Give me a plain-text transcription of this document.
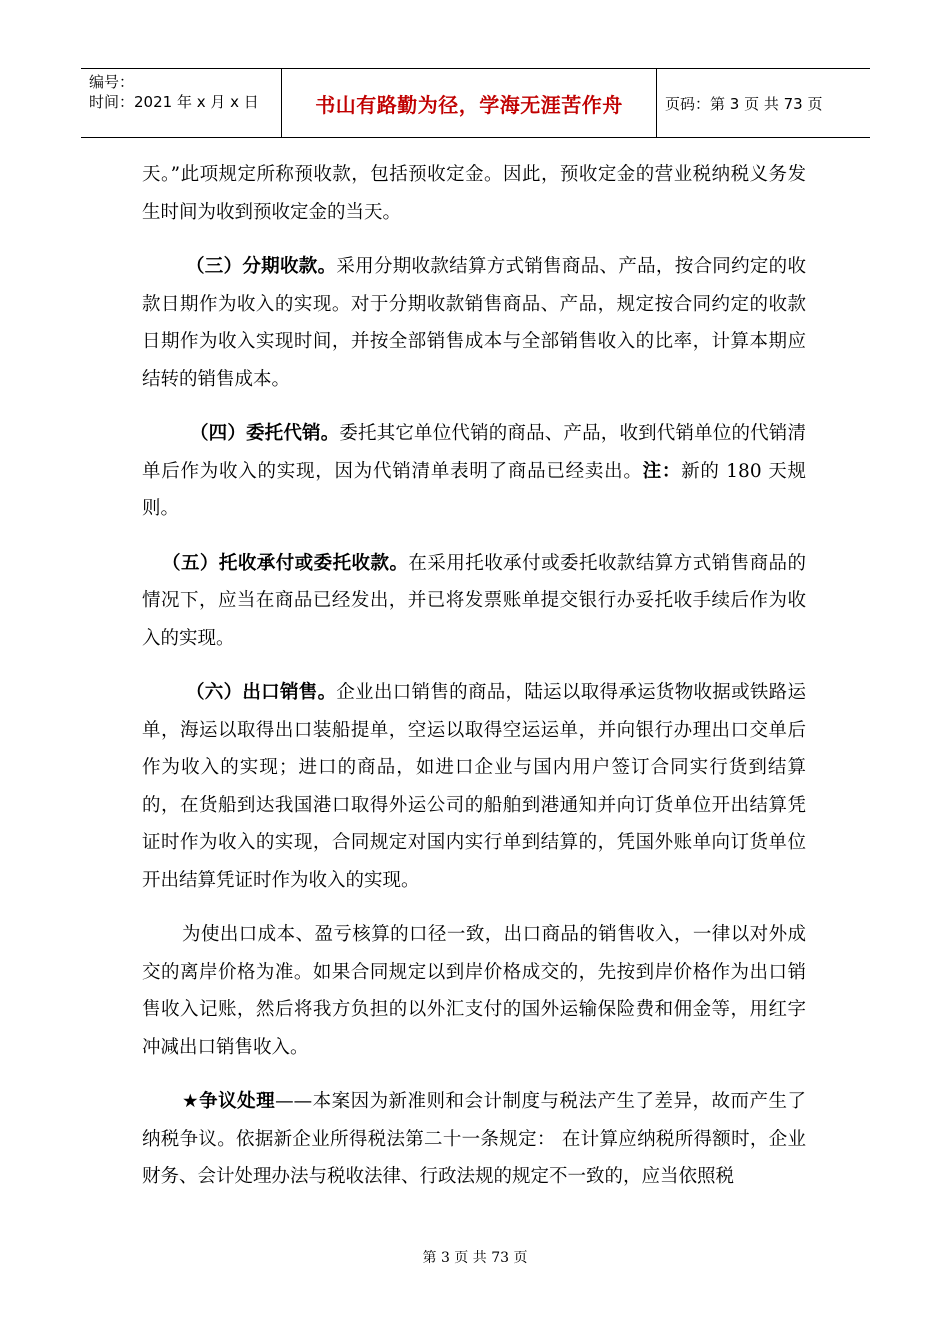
编号：
时间：2021 年 x 月 x 日	书山有路勤为径，学海无涯苦作舟	页码：第 3 页 共 73 页

天。”此项规定所称预收款，包括预收定金。因此，预收定金的营业税纳税义务发生时间为收到预收定金的当天。

（三）分期收款。采用分期收款结算方式销售商品、产品，按合同约定的收款日期作为收入的实现。对于分期收款销售商品、产品，规定按合同约定的收款日期作为收入实现时间，并按全部销售成本与全部销售收入的比率，计算本期应结转的销售成本。

（四）委托代销。委托其它单位代销的商品、产品，收到代销单位的代销清单后作为收入的实现，因为代销清单表明了商品已经卖出。注：新的 180 天规则。

（五）托收承付或委托收款。在采用托收承付或委托收款结算方式销售商品的情况下，应当在商品已经发出，并已将发票账单提交银行办妥托收手续后作为收入的实现。

（六）出口销售。企业出口销售的商品，陆运以取得承运货物收据或铁路运单，海运以取得出口装船提单，空运以取得空运运单，并向银行办理出口交单后作为收入的实现；进口的商品，如进口企业与国内用户签订合同实行货到结算的，在货船到达我国港口取得外运公司的船舶到港通知并向订货单位开出结算凭证时作为收入的实现，合同规定对国内实行单到结算的，凭国外账单向订货单位开出结算凭证时作为收入的实现。

为使出口成本、盈亏核算的口径一致，出口商品的销售收入，一律以对外成交的离岸价格为准。如果合同规定以到岸价格成交的，先按到岸价格作为出口销售收入记账，然后将我方负担的以外汇支付的国外运输保险费和佣金等，用红字冲减出口销售收入。

★争议处理——本案因为新准则和会计制度与税法产生了差异，故而产生了纳税争议。依据新企业所得税法第二十一条规定： 在计算应纳税所得额时，企业财务、会计处理办法与税收法律、行政法规的规定不一致的，应当依照税

第 3 页 共 73 页
